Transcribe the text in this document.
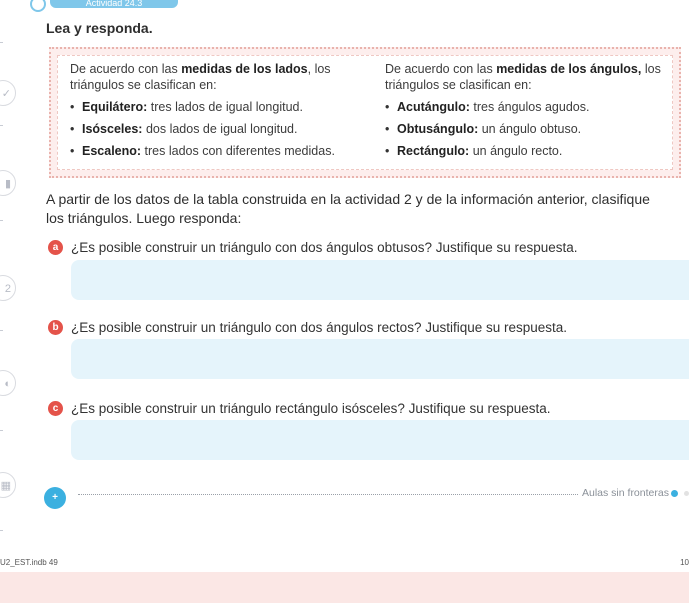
Actividad 24.3
✓
▮
2
◐
▦
Lea y responda.
De acuerdo con las medidas de los lados, los triángulos se clasifican en:
• Equilátero: tres lados de igual longitud.
• Isósceles: dos lados de igual longitud.
• Escaleno: tres lados con diferentes medidas.
De acuerdo con las medidas de los ángulos, los triángulos se clasifican en:
• Acutángulo: tres ángulos agudos.
• Obtusángulo: un ángulo obtuso.
• Rectángulo: un ángulo recto.
A partir de los datos de la tabla construida en la actividad 2 y de la información anterior, clasifique los triángulos. Luego responda:
a ¿Es posible construir un triángulo con dos ángulos obtusos? Justifique su respuesta.
b ¿Es posible construir un triángulo con dos ángulos rectos? Justifique su respuesta.
c ¿Es posible construir un triángulo rectángulo isósceles? Justifique su respuesta.
+−×÷
Aulas sin fronteras
U2_EST.indb 49	10
